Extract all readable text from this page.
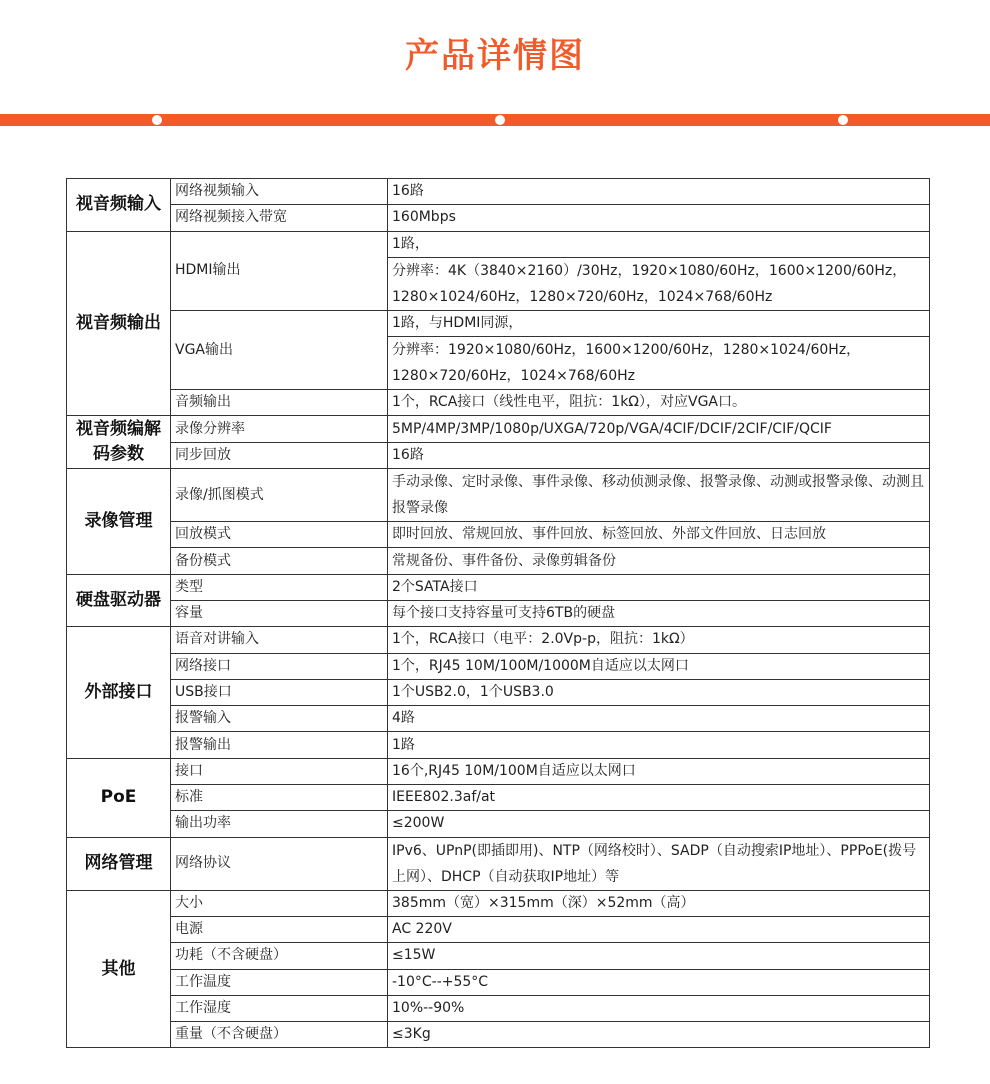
产品详情图
视音频输入	网络视频输入	16路
	网络视频接入带宽	160Mbps
视音频输出	HDMI输出	1路，
		分辨率：4K（3840×2160）/30Hz，1920×1080/60Hz，1600×1200/60Hz，1280×1024/60Hz，1280×720/60Hz，1024×768/60Hz

	VGA输出	1路，与HDMI同源，
		分辨率：1920×1080/60Hz，1600×1200/60Hz，1280×1024/60Hz，1280×720/60Hz，1024×768/60Hz

	音频输出	1个，RCA接口（线性电平，阻抗：1kΩ），对应VGA口。
视音频编解码参数	录像分辨率	5MP/4MP/3MP/1080p/UXGA/720p/VGA/4CIF/DCIF/2CIF/CIF/QCIF
	同步回放	16路
录像管理	录像/抓图模式	手动录像、定时录像、事件录像、移动侦测录像、报警录像、动测或报警录像、动测且报警录像

	回放模式	即时回放、常规回放、事件回放、标签回放、外部文件回放、日志回放
	备份模式	常规备份、事件备份、录像剪辑备份
硬盘驱动器	类型	2个SATA接口
	容量	每个接口支持容量可支持6TB的硬盘
外部接口	语音对讲输入	1个，RCA接口（电平：2.0Vp-p，阻抗：1kΩ）
	网络接口	1个，RJ45 10M/100M/1000M自适应以太网口
	USB接口	1个USB2.0，1个USB3.0
	报警输入	4路
	报警输出	1路
PoE	接口	16个,RJ45 10M/100M自适应以太网口
	标准	IEEE802.3af/at
	输出功率	≤200W
网络管理	网络协议	IPv6、UPnP(即插即用)、NTP（网络校时）、SADP（自动搜索IP地址）、PPPoE(拨号上网）、DHCP（自动获取IP地址）等

其他	大小	385mm（宽）×315mm（深）×52mm（高）
	电源	AC 220V
	功耗（不含硬盘）	≤15W
	工作温度	-10°C--+55°C
	工作湿度	10%--90%
	重量（不含硬盘）	≤3Kg
